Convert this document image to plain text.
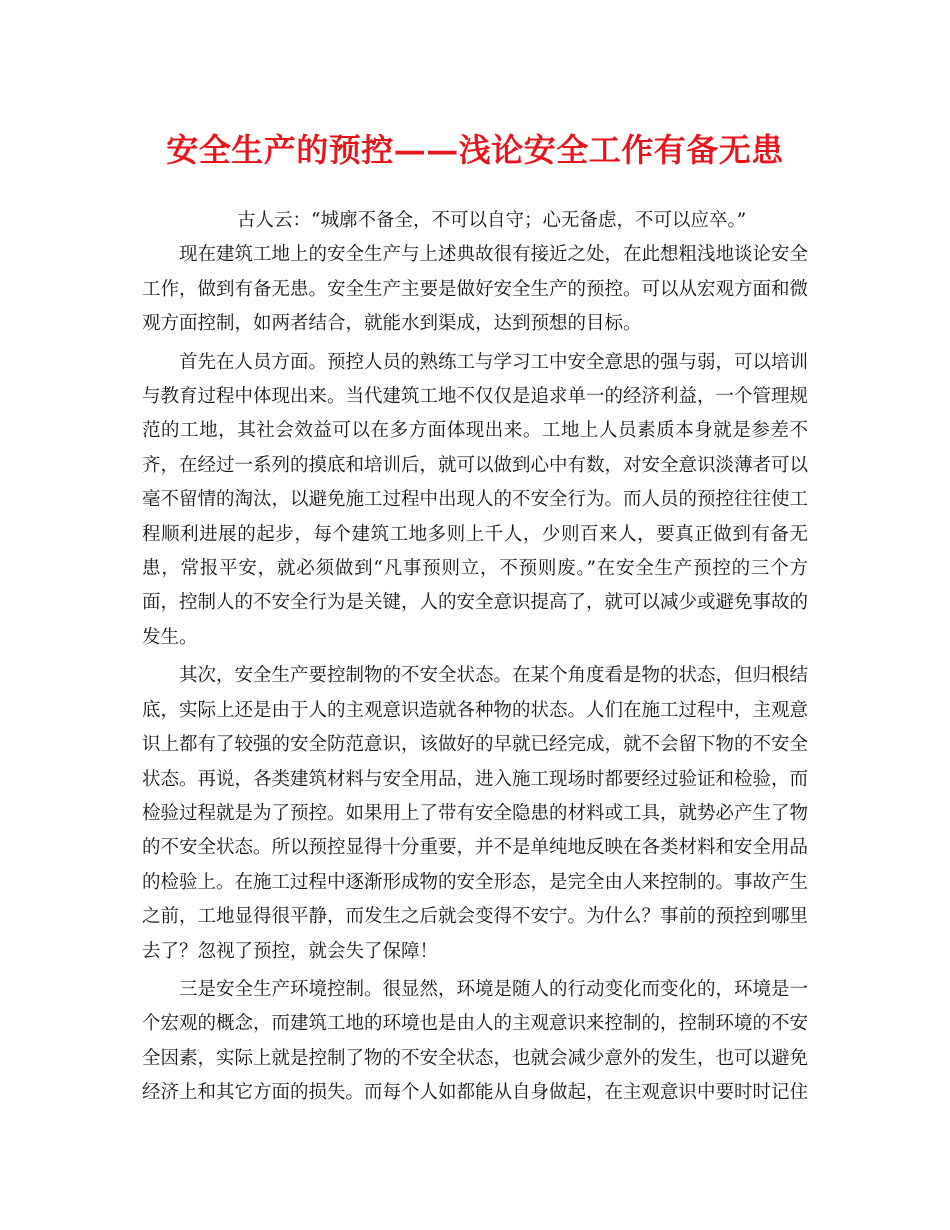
安全生产的预控——浅论安全工作有备无患

古人云：“城廓不备全，不可以自守；心无备虑，不可以应卒。”

现在建筑工地上的安全生产与上述典故很有接近之处，在此想粗浅地谈论安全工作，做到有备无患。安全生产主要是做好安全生产的预控。可以从宏观方面和微观方面控制，如两者结合，就能水到渠成，达到预想的目标。

首先在人员方面。预控人员的熟练工与学习工中安全意思的强与弱，可以培训与教育过程中体现出来。当代建筑工地不仅仅是追求单一的经济利益，一个管理规范的工地，其社会效益可以在多方面体现出来。工地上人员素质本身就是参差不齐，在经过一系列的摸底和培训后，就可以做到心中有数，对安全意识淡薄者可以毫不留情的淘汰，以避免施工过程中出现人的不安全行为。而人员的预控往往使工程顺利进展的起步，每个建筑工地多则上千人，少则百来人，要真正做到有备无患，常报平安，就必须做到“凡事预则立，不预则废。”在安全生产预控的三个方面，控制人的不安全行为是关键，人的安全意识提高了，就可以减少或避免事故的发生。

其次，安全生产要控制物的不安全状态。在某个角度看是物的状态，但归根结底，实际上还是由于人的主观意识造就各种物的状态。人们在施工过程中，主观意识上都有了较强的安全防范意识，该做好的早就已经完成，就不会留下物的不安全状态。再说，各类建筑材料与安全用品，进入施工现场时都要经过验证和检验，而检验过程就是为了预控。如果用上了带有安全隐患的材料或工具，就势必产生了物的不安全状态。所以预控显得十分重要，并不是单纯地反映在各类材料和安全用品的检验上。在施工过程中逐渐形成物的安全形态，是完全由人来控制的。事故产生之前，工地显得很平静，而发生之后就会变得不安宁。为什么？事前的预控到哪里去了？忽视了预控，就会失了保障！

三是安全生产环境控制。很显然，环境是随人的行动变化而变化的，环境是一个宏观的概念，而建筑工地的环境也是由人的主观意识来控制的，控制环境的不安全因素，实际上就是控制了物的不安全状态，也就会减少意外的发生，也可以避免经济上和其它方面的损失。而每个人如都能从自身做起，在主观意识中要时时记住
